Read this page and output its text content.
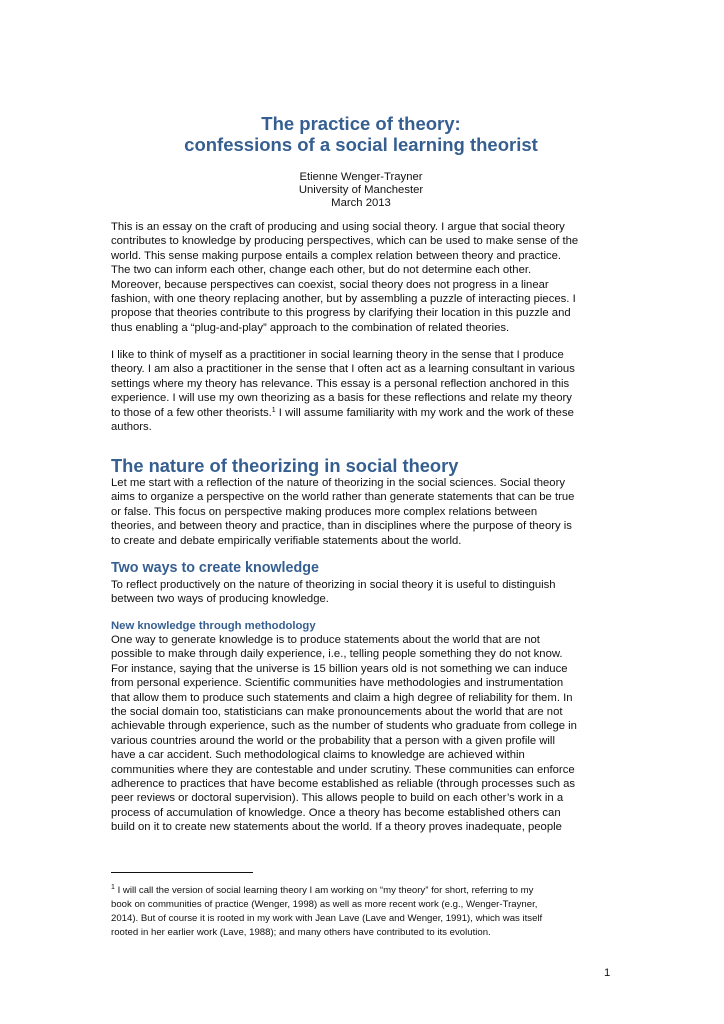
The practice of theory:
confessions of a social learning theorist
Etienne Wenger-Trayner
University of Manchester
March 2013

This is an essay on the craft of producing and using social theory. I argue that social theory
contributes to knowledge by producing perspectives, which can be used to make sense of the
world. This sense making purpose entails a complex relation between theory and practice.
The two can inform each other, change each other, but do not determine each other.
Moreover, because perspectives can coexist, social theory does not progress in a linear
fashion, with one theory replacing another, but by assembling a puzzle of interacting pieces. I
propose that theories contribute to this progress by clarifying their location in this puzzle and
thus enabling a “plug-and-play” approach to the combination of related theories.

I like to think of myself as a practitioner in social learning theory in the sense that I produce
theory. I am also a practitioner in the sense that I often act as a learning consultant in various
settings where my theory has relevance. This essay is a personal reflection anchored in this
experience. I will use my own theorizing as a basis for these reflections and relate my theory
to those of a few other theorists.$^1$ I will assume familiarity with my work and the work of these
authors.

The nature of theorizing in social theory

Let me start with a reflection of the nature of theorizing in the social sciences. Social theory
aims to organize a perspective on the world rather than generate statements that can be true
or false. This focus on perspective making produces more complex relations between
theories, and between theory and practice, than in disciplines where the purpose of theory is
to create and debate empirically verifiable statements about the world.

Two ways to create knowledge

To reflect productively on the nature of theorizing in social theory it is useful to distinguish
between two ways of producing knowledge.

New knowledge through methodology

One way to generate knowledge is to produce statements about the world that are not
possible to make through daily experience, i.e., telling people something they do not know.
For instance, saying that the universe is 15 billion years old is not something we can induce
from personal experience. Scientific communities have methodologies and instrumentation
that allow them to produce such statements and claim a high degree of reliability for them. In
the social domain too, statisticians can make pronouncements about the world that are not
achievable through experience, such as the number of students who graduate from college in
various countries around the world or the probability that a person with a given profile will
have a car accident. Such methodological claims to knowledge are achieved within
communities where they are contestable and under scrutiny. These communities can enforce
adherence to practices that have become established as reliable (through processes such as
peer reviews or doctoral supervision). This allows people to build on each other’s work in a
process of accumulation of knowledge. Once a theory has become established others can
build on it to create new statements about the world. If a theory proves inadequate, people

$^1$ I will call the version of social learning theory I am working on “my theory” for short, referring to my
book on communities of practice (Wenger, 1998) as well as more recent work (e.g., Wenger-Trayner,
2014). But of course it is rooted in my work with Jean Lave (Lave and Wenger, 1991), which was itself
rooted in her earlier work (Lave, 1988); and many others have contributed to its evolution.
1
